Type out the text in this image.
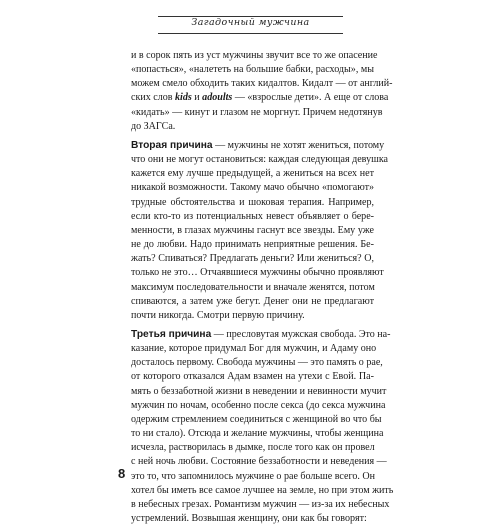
Загадочный мужчина
и в сорок пять из уст мужчины звучит все то же опасение
«попасться», «налететь на большие бабки, расходы», мы
можем смело обходить таких кидалтов. Кидалт — от англий-
ских слов kids и adoults — «взрослые дети». А еще от слова
«кидать» — кинут и глазом не моргнут. Причем недотянув
до ЗАГСа.
Вторая причина — мужчины не хотят жениться, потому
что они не могут остановиться: каждая следующая девушка
кажется ему лучше предыдущей, а жениться на всех нет
никакой возможности. Такому мачо обычно «помогают»
трудные обстоятельства и шоковая терапия. Например,
если кто-то из потенциальных невест объявляет о бере-
менности, в глазах мужчины гаснут все звезды. Ему уже
не до любви. Надо принимать неприятные решения. Бе-
жать? Спиваться? Предлагать деньги? Или жениться? О,
только не это… Отчаявшиеся мужчины обычно проявляют
максимум последовательности и вначале женятся, потом
спиваются, а затем уже бегут. Денег они не предлагают
почти никогда. Смотри первую причину.
Третья причина — пресловутая мужская свобода. Это на-
казание, которое придумал Бог для мужчин, и Адаму оно
досталось первому. Свобода мужчины — это память о рае,
от которого отказался Адам взамен на утехи с Евой. Па-
мять о беззаботной жизни в неведении и невинности мучит
мужчин по ночам, особенно после секса (до секса мужчина
одержим стремлением соединиться с женщиной во что бы
то ни стало). Отсюда и желание мужчины, чтобы женщина
исчезла, растворилась в дымке, после того как он провел
с ней ночь любви. Состояние беззаботности и неведения —
это то, что запомнилось мужчине о рае больше всего. Он
хотел бы иметь все самое лучшее на земле, но при этом жить
в небесных грезах. Романтизм мужчин — из-за их небесных
устремлений. Возвышая женщину, они как бы говорят:
8
